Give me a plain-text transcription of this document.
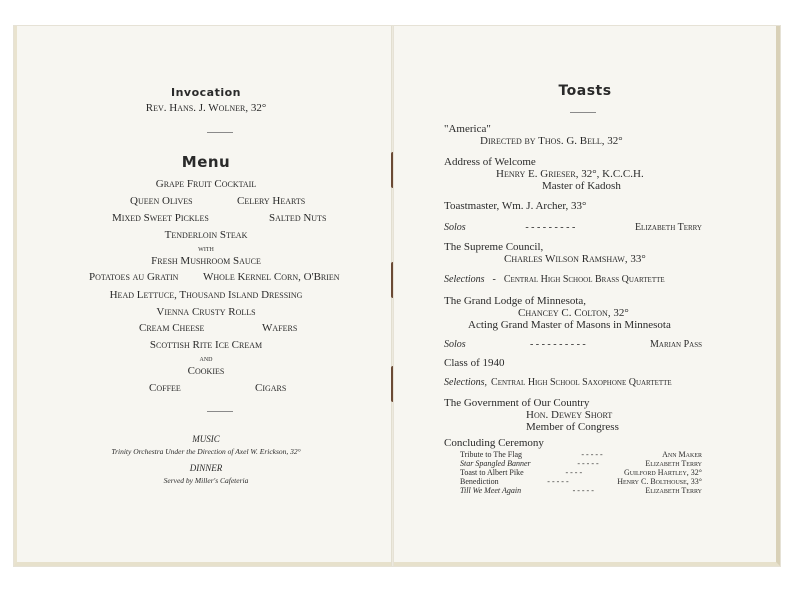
Invocation
Rev. Hans. J. Wolner, 32°
Menu
Grape Fruit Cocktail
Queen Olives	Celery Hearts
Mixed Sweet Pickles	Salted Nuts
Tenderloin Steak
with
Fresh Mushroom Sauce
Potatoes au Gratin Whole Kernel Corn, O'Brien
Head Lettuce, Thousand Island Dressing
Vienna Crusty Rolls
Cream Cheese	Wafers
Scottish Rite Ice Cream
and
Cookies
Coffee	Cigars
MUSIC
Trinity Orchestra Under the Direction of Axel W. Erickson, 32°
DINNER
Served by Miller's Cafeteria
Toasts
"America"
Directed by Thos. G. Bell, 32°
Address of Welcome
Henry E. Grieser, 32°, K.C.C.H.
Master of Kadosh
Toastmaster, Wm. J. Archer, 33°
Solos	- - - - - - - - -	Elizabeth Terry
The Supreme Council,
Charles Wilson Ramshaw, 33°
Selections - Central High School Brass Quartette
The Grand Lodge of Minnesota,
Chancey C. Colton, 32°
Acting Grand Master of Masons in Minnesota
Solos	- - - - - - - - - -	Marian Pass
Class of 1940
Selections, Central High School Saxophone Quartette
The Government of Our Country
Hon. Dewey Short
Member of Congress
Concluding Ceremony
Tribute to The Flag	- - - - -	Ann Maker
Star Spangled Banner	- - - - -	Elizabeth Terry
Toast to Albert Pike	- - - -	Guilford Hartley, 32°
Benediction	- - - - -	Henry C. Bolthouse, 33°
Till We Meet Again	- - - - -	Elizabeth Terry
